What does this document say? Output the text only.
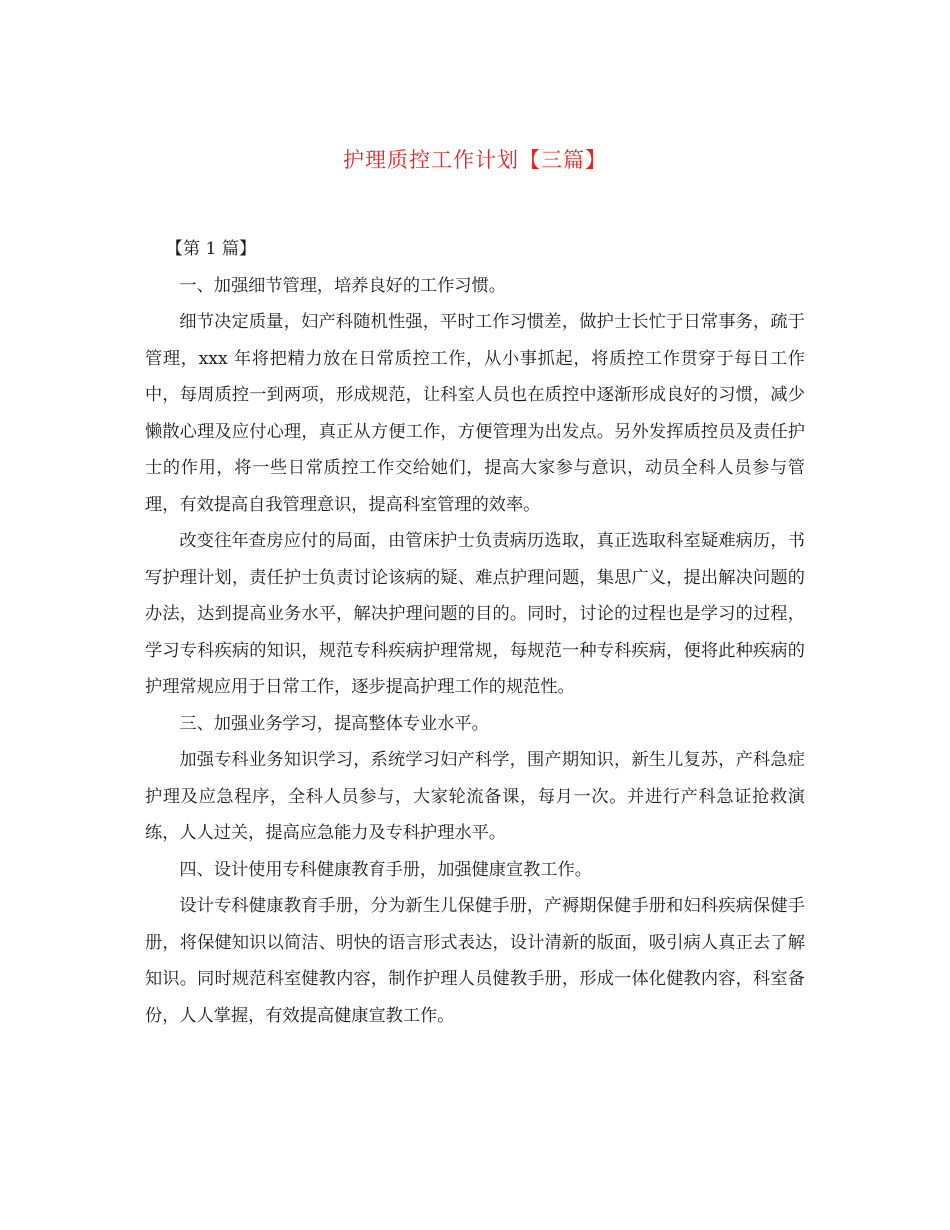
护理质控工作计划【三篇】

【第 1 篇】

一、加强细节管理，培养良好的工作习惯。

细节决定质量，妇产科随机性强，平时工作习惯差，做护士长忙于日常事务，疏于管理，xxx 年将把精力放在日常质控工作，从小事抓起，将质控工作贯穿于每日工作中，每周质控一到两项，形成规范，让科室人员也在质控中逐渐形成良好的习惯，减少懒散心理及应付心理，真正从方便工作，方便管理为出发点。另外发挥质控员及责任护士的作用，将一些日常质控工作交给她们，提高大家参与意识，动员全科人员参与管理，有效提高自我管理意识，提高科室管理的效率。

改变往年查房应付的局面，由管床护士负责病历选取，真正选取科室疑难病历，书写护理计划，责任护士负责讨论该病的疑、难点护理问题，集思广义，提出解决问题的办法，达到提高业务水平，解决护理问题的目的。同时，讨论的过程也是学习的过程，学习专科疾病的知识，规范专科疾病护理常规，每规范一种专科疾病，便将此种疾病的护理常规应用于日常工作，逐步提高护理工作的规范性。

三、加强业务学习，提高整体专业水平。

加强专科业务知识学习，系统学习妇产科学，围产期知识，新生儿复苏，产科急症护理及应急程序，全科人员参与，大家轮流备课，每月一次。并进行产科急证抢救演练，人人过关，提高应急能力及专科护理水平。

四、设计使用专科健康教育手册，加强健康宣教工作。

设计专科健康教育手册，分为新生儿保健手册，产褥期保健手册和妇科疾病保健手册，将保健知识以简洁、明快的语言形式表达，设计清新的版面，吸引病人真正去了解知识。同时规范科室健教内容，制作护理人员健教手册，形成一体化健教内容，科室备份，人人掌握，有效提高健康宣教工作。
